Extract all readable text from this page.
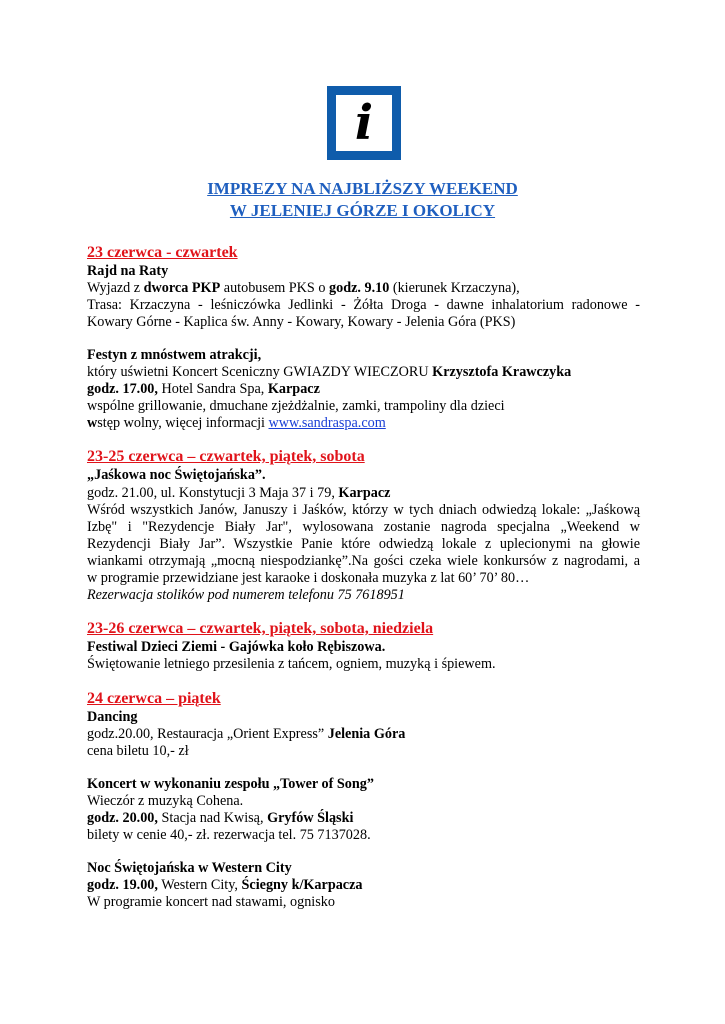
i
IMPREZY NA NAJBLIŻSZY WEEKEND
W JELENIEJ GÓRZE I OKOLICY
23 czerwca - czwartek
Rajd na Raty
Wyjazd z dworca PKP autobusem PKS o godz. 9.10 (kierunek Krzaczyna),
Trasa: Krzaczyna - leśniczówka Jedlinki - Żółta Droga - dawne inhalatorium radonowe -
Kowary Górne - Kaplica św. Anny - Kowary, Kowary - Jelenia Góra (PKS)
Festyn z mnóstwem atrakcji,
który uświetni Koncert Sceniczny GWIAZDY WIECZORU Krzysztofa Krawczyka
godz. 17.00, Hotel Sandra Spa, Karpacz
wspólne grillowanie, dmuchane zjeżdżalnie, zamki, trampoliny dla dzieci
wstęp wolny, więcej informacji www.sandraspa.com
23-25 czerwca – czwartek, piątek, sobota
„Jaśkowa noc Świętojańska”.
godz. 21.00, ul. Konstytucji 3 Maja 37 i 79, Karpacz
Wśród wszystkich Janów, Januszy i Jaśków, którzy w tych dniach odwiedzą lokale: „Jaśkową
Izbę" i "Rezydencje Biały Jar", wylosowana zostanie nagroda specjalna „Weekend w
Rezydencji Biały Jar”. Wszystkie Panie które odwiedzą lokale z uplecionymi na głowie
wiankami otrzymają „mocną niespodziankę”.Na gości czeka wiele konkursów z nagrodami, a
w programie przewidziane jest karaoke i doskonała muzyka z lat 60’ 70’ 80…
Rezerwacja stolików pod numerem telefonu 75 7618951
23-26 czerwca – czwartek, piątek, sobota, niedziela
Festiwal Dzieci Ziemi - Gajówka koło Rębiszowa.
Świętowanie letniego przesilenia z tańcem, ogniem, muzyką i śpiewem.
24 czerwca – piątek
Dancing
godz.20.00, Restauracja „Orient Express” Jelenia Góra
cena biletu 10,- zł
Koncert w wykonaniu zespołu „Tower of Song”
Wieczór z muzyką Cohena.
godz. 20.00, Stacja nad Kwisą, Gryfów Śląski
bilety w cenie 40,- zł. rezerwacja tel. 75 7137028.
Noc Świętojańska w Western City
godz. 19.00, Western City, Ściegny k/Karpacza
W programie koncert nad stawami, ognisko
